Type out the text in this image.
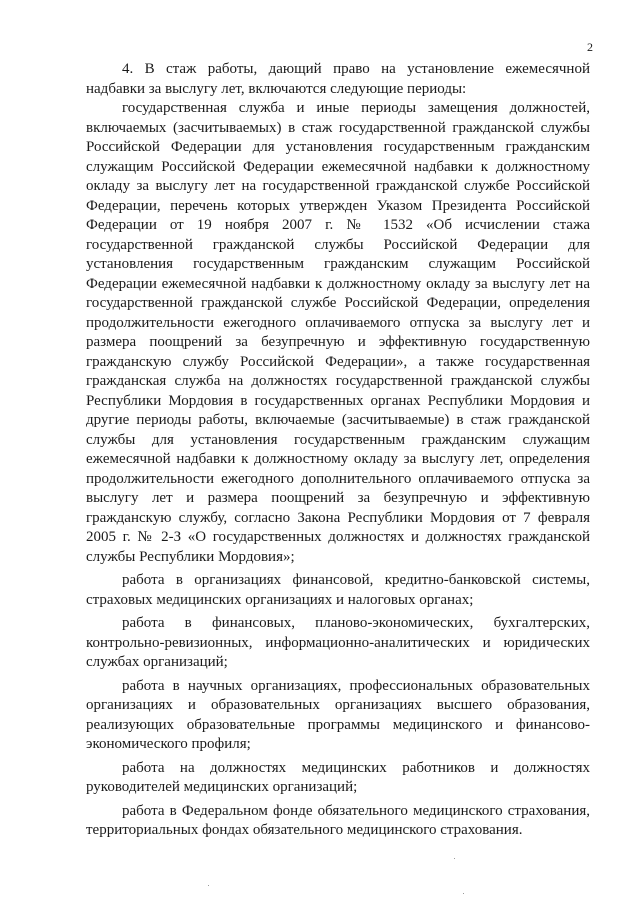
2

4. В стаж работы, дающий право на установление ежемесячной надбавки за выслугу лет, включаются следующие периоды:

государственная служба и иные периоды замещения должностей, включаемых (засчитываемых) в стаж государственной гражданской службы Российской Федерации для установления государственным гражданским служащим Российской Федерации ежемесячной надбавки к должностному окладу за выслугу лет на государственной гражданской службе Российской Федерации, перечень которых утвержден Указом Президента Российской Федерации от 19 ноября 2007 г. № 1532 «Об исчислении стажа государственной гражданской службы Российской Федерации для установления государственным гражданским служащим Российской Федерации ежемесячной надбавки к должностному окладу за выслугу лет на государственной гражданской службе Российской Федерации, определения продолжительности ежегодного оплачиваемого отпуска за выслугу лет и размера поощрений за безупречную и эффективную государственную гражданскую службу Российской Федерации», а также государственная гражданская служба на должностях государственной гражданской службы Республики Мордовия в государственных органах Республики Мордовия и другие периоды работы, включаемые (засчитываемые) в стаж гражданской службы для установления государственным гражданским служащим ежемесячной надбавки к должностному окладу за выслугу лет, определения продолжительности ежегодного дополнительного оплачиваемого отпуска за выслугу лет и размера поощрений за безупречную и эффективную гражданскую службу, согласно Закона Республики Мордовия от 7 февраля 2005 г. № 2-З «О государственных должностях и должностях гражданской службы Республики Мордовия»;

работа в организациях финансовой, кредитно-банковской системы, страховых медицинских организациях и налоговых органах;

работа в финансовых, планово-экономических, бухгалтерских, контрольно-ревизионных, информационно-аналитических и юридических службах организаций;

работа в научных организациях, профессиональных образовательных организациях и образовательных организациях высшего образования, реализующих образовательные программы медицинского и финансово-экономического профиля;

работа на должностях медицинских работников и должностях руководителей медицинских организаций;

работа в Федеральном фонде обязательного медицинского страхования, территориальных фондах обязательного медицинского страхования.
